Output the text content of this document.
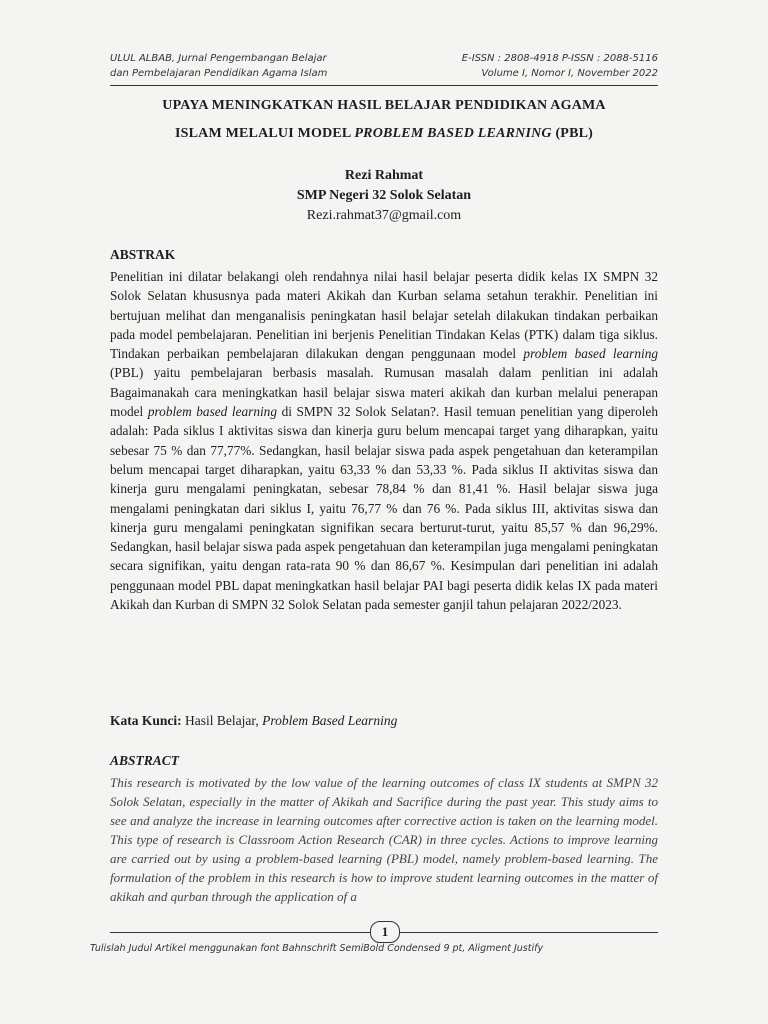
ULUL ALBAB, Jurnal Pengembangan Belajar
dan Pembelajaran Pendidikan Agama Islam
E-ISSN : 2808-4918 P-ISSN : 2088-5116
Volume I, Nomor I, November 2022

UPAYA MENINGKATKAN HASIL BELAJAR PENDIDIKAN AGAMA

ISLAM MELALUI MODEL PROBLEM BASED LEARNING (PBL)

Rezi Rahmat

SMP Negeri 32 Solok Selatan

Rezi.rahmat37@gmail.com

ABSTRAK

Penelitian ini dilatar belakangi oleh rendahnya nilai hasil belajar peserta didik kelas IX SMPN 32 Solok Selatan khususnya pada materi Akikah dan Kurban selama setahun terakhir. Penelitian ini bertujuan melihat dan menganalisis peningkatan hasil belajar setelah dilakukan tindakan perbaikan pada model pembelajaran. Penelitian ini berjenis Penelitian Tindakan Kelas (PTK) dalam tiga siklus. Tindakan perbaikan pembelajaran dilakukan dengan penggunaan model problem based learning (PBL) yaitu pembelajaran berbasis masalah. Rumusan masalah dalam penlitian ini adalah Bagaimanakah cara meningkatkan hasil belajar siswa materi akikah dan kurban melalui penerapan model problem based learning di SMPN 32 Solok Selatan?. Hasil temuan penelitian yang diperoleh adalah: Pada siklus I aktivitas siswa dan kinerja guru belum mencapai target yang diharapkan, yaitu sebesar 75 % dan 77,77%. Sedangkan, hasil belajar siswa pada aspek pengetahuan dan keterampilan belum mencapai target diharapkan, yaitu 63,33 % dan 53,33 %. Pada siklus II aktivitas siswa dan kinerja guru mengalami peningkatan, sebesar 78,84 % dan 81,41 %. Hasil belajar siswa juga mengalami peningkatan dari siklus I, yaitu 76,77 % dan 76 %. Pada siklus III, aktivitas siswa dan kinerja guru mengalami peningkatan signifikan secara berturut-turut, yaitu 85,57 % dan 96,29%. Sedangkan, hasil belajar siswa pada aspek pengetahuan dan keterampilan juga mengalami peningkatan secara signifikan, yaitu dengan rata-rata 90 % dan 86,67 %. Kesimpulan dari penelitian ini adalah penggunaan model PBL dapat meningkatkan hasil belajar PAI bagi peserta didik kelas IX pada materi Akikah dan Kurban di SMPN 32 Solok Selatan pada semester ganjil tahun pelajaran 2022/2023.

Kata Kunci: Hasil Belajar, Problem Based Learning
ABSTRACT

This research is motivated by the low value of the learning outcomes of class IX students at SMPN 32 Solok Selatan, especially in the matter of Akikah and Sacrifice during the past year. This study aims to see and analyze the increase in learning outcomes after corrective action is taken on the learning model. This type of research is Classroom Action Research (CAR) in three cycles. Actions to improve learning are carried out by using a problem-based learning (PBL) model, namely problem-based learning. The formulation of the problem in this research is how to improve student learning outcomes in the matter of akikah and qurban through the application of a

1
Tulislah Judul Artikel menggunakan font Bahnschrift SemiBold Condensed 9 pt, Aligment Justify
